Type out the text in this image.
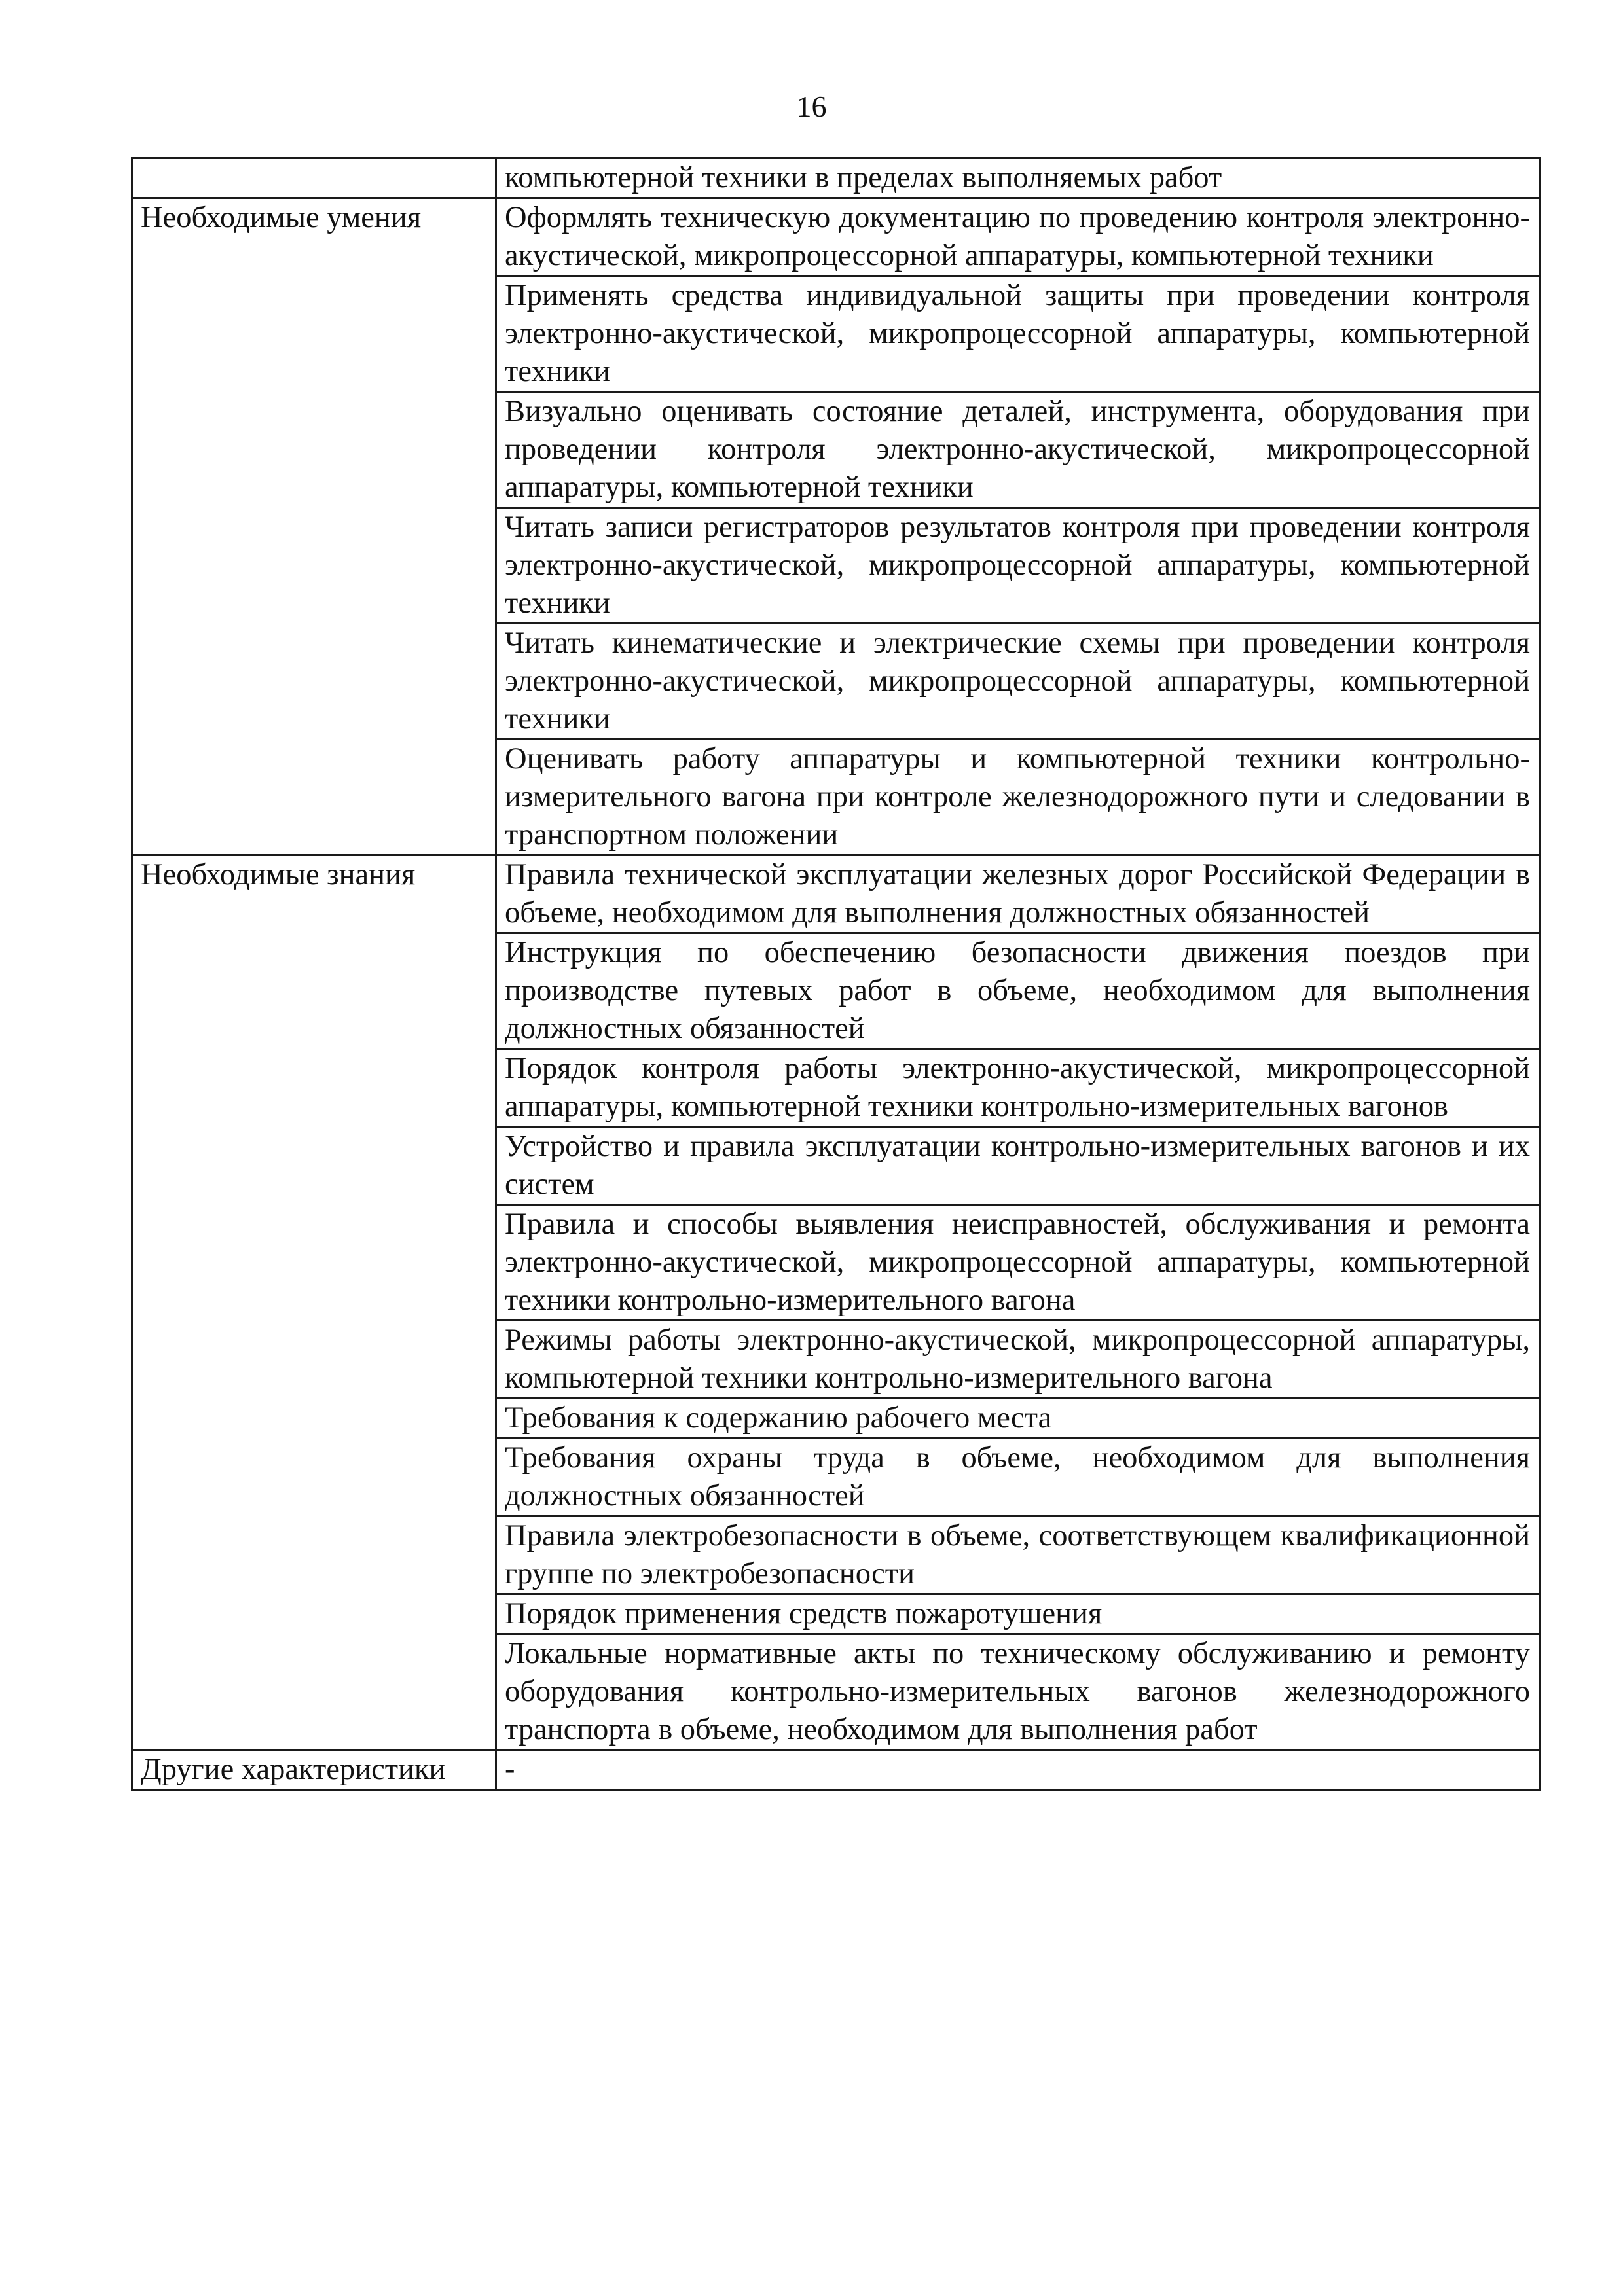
16
	компьютерной техники в пределах выполняемых работ
Необходимые умения	Оформлять техническую документацию по проведению контроля электронно-акустической, микропроцессорной аппаратуры, компьютерной техники
	Применять средства индивидуальной защиты при проведении контроля электронно-акустической, микропроцессорной аппаратуры, компьютерной техники
	Визуально оценивать состояние деталей, инструмента, оборудования при проведении контроля электронно-акустической, микропроцессорной аппаратуры, компьютерной техники
	Читать записи регистраторов результатов контроля при проведении контроля электронно-акустической, микропроцессорной аппаратуры, компьютерной техники
	Читать кинематические и электрические схемы при проведении контроля электронно-акустической, микропроцессорной аппаратуры, компьютерной техники
	Оценивать работу аппаратуры и компьютерной техники контрольно-измерительного вагона при контроле железнодорожного пути и следовании в транспортном положении
Необходимые знания	Правила технической эксплуатации железных дорог Российской Федерации в объеме, необходимом для выполнения должностных обязанностей
	Инструкция по обеспечению безопасности движения поездов при производстве путевых работ в объеме, необходимом для выполнения должностных обязанностей
	Порядок контроля работы электронно-акустической, микропроцессорной аппаратуры, компьютерной техники контрольно-измерительных вагонов
	Устройство и правила эксплуатации контрольно-измерительных вагонов и их систем
	Правила и способы выявления неисправностей, обслуживания и ремонта электронно-акустической, микропроцессорной аппаратуры, компьютерной техники контрольно-измерительного вагона
	Режимы работы электронно-акустической, микропроцессорной аппаратуры, компьютерной техники контрольно-измерительного вагона
	Требования к содержанию рабочего места
	Требования охраны труда в объеме, необходимом для выполнения должностных обязанностей
	Правила электробезопасности в объеме, соответствующем квалификационной группе по электробезопасности
	Порядок применения средств пожаротушения
	Локальные нормативные акты по техническому обслуживанию и ремонту оборудования контрольно-измерительных вагонов железнодорожного транспорта в объеме, необходимом для выполнения работ
Другие характеристики	-
